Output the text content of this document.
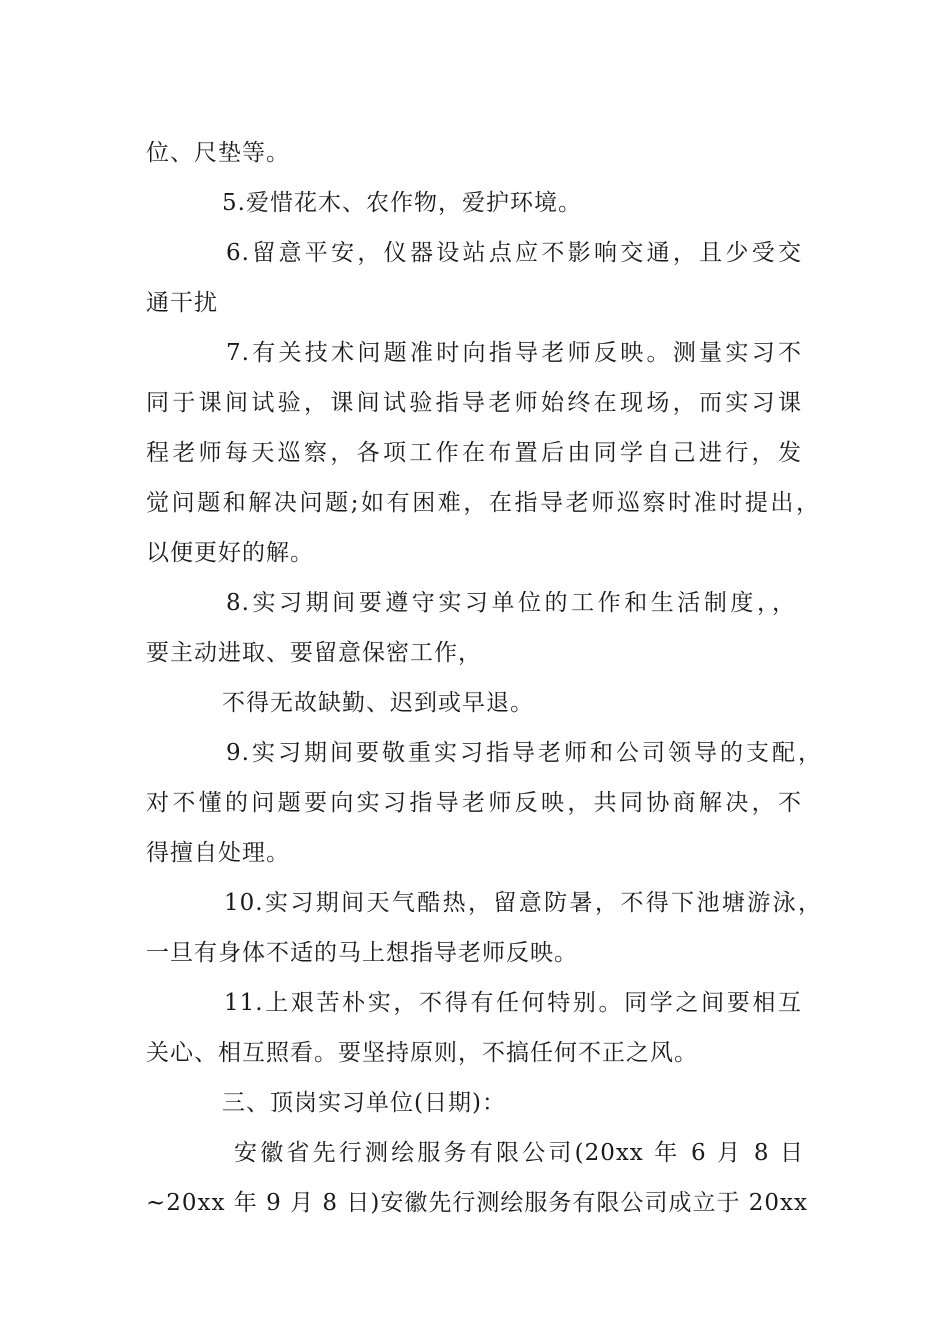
位、尺垫等。
5.爱惜花木、农作物，爱护环境。
6.留意平安，仪器设站点应不影响交通，且少受交
通干扰
7.有关技术问题准时向指导老师反映。测量实习不
同于课间试验，课间试验指导老师始终在现场，而实习课
程老师每天巡察，各项工作在布置后由同学自己进行，发
觉问题和解决问题;如有困难，在指导老师巡察时准时提出，
以便更好的解。
8.实习期间要遵守实习单位的工作和生活制度，，
要主动进取、要留意保密工作，
不得无故缺勤、迟到或早退。
9.实习期间要敬重实习指导老师和公司领导的支配，
对不懂的问题要向实习指导老师反映，共同协商解决，不
得擅自处理。
10.实习期间天气酷热，留意防暑，不得下池塘游泳，
一旦有身体不适的马上想指导老师反映。
11.上艰苦朴实，不得有任何特别。同学之间要相互
关心、相互照看。要坚持原则，不搞任何不正之风。
三、顶岗实习单位(日期)：
安徽省先行测绘服务有限公司(20xx 年 6 月 8 日
~20xx 年 9 月 8 日)安徽先行测绘服务有限公司成立于 20xx
